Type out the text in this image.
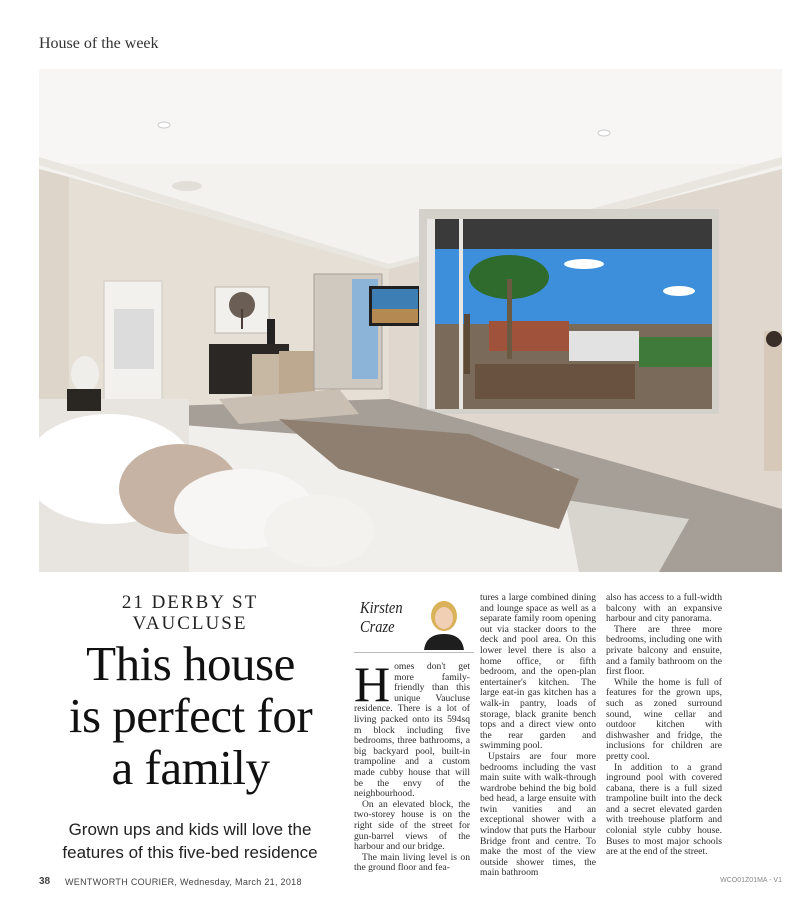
House of the week
21 DERBY ST
VAUCLUSE
This house
is perfect for
a family
Grown ups and kids will love the
features of this five-bed residence
Kirsten
Craze

Homes don't get more family-friendly than this unique Vaucluse residence. There is a lot of living packed onto its 594sq m block including five bedrooms, three bathrooms, a big backyard pool, built-in trampoline and a custom made cubby house that will be the envy of the neighbourhood.

On an elevated block, the two-storey house is on the right side of the street for gun-barrel views of the harbour and our bridge.

The main living level is on the ground floor and fea-

tures a large combined dining and lounge space as well as a separate family room opening out via stacker doors to the deck and pool area. On this lower level there is also a home office, or fifth bedroom, and the open-plan entertainer's kitchen. The large eat-in gas kitchen has a walk-in pantry, loads of storage, black granite bench tops and a direct view onto the rear garden and swimming pool.

Upstairs are four more bedrooms including the vast main suite with walk-through wardrobe behind the big bold bed head, a large ensuite with twin vanities and an exceptional shower with a window that puts the Harbour Bridge front and centre. To make the most of the view outside shower times, the main bathroom

also has access to a full-width balcony with an expansive harbour and city panorama.

There are three more bedrooms, including one with private balcony and ensuite, and a family bathroom on the first floor.

While the home is full of features for the grown ups, such as zoned surround sound, wine cellar and outdoor kitchen with dishwasher and fridge, the inclusions for children are pretty cool.

In addition to a grand inground pool with covered cabana, there is a full sized trampoline built into the deck and a secret elevated garden with treehouse platform and colonial style cubby house. Buses to most major schools are at the end of the street.

38 WENTWORTH COURIER, Wednesday, March 21, 2018	WCO01Z01MA - V1
